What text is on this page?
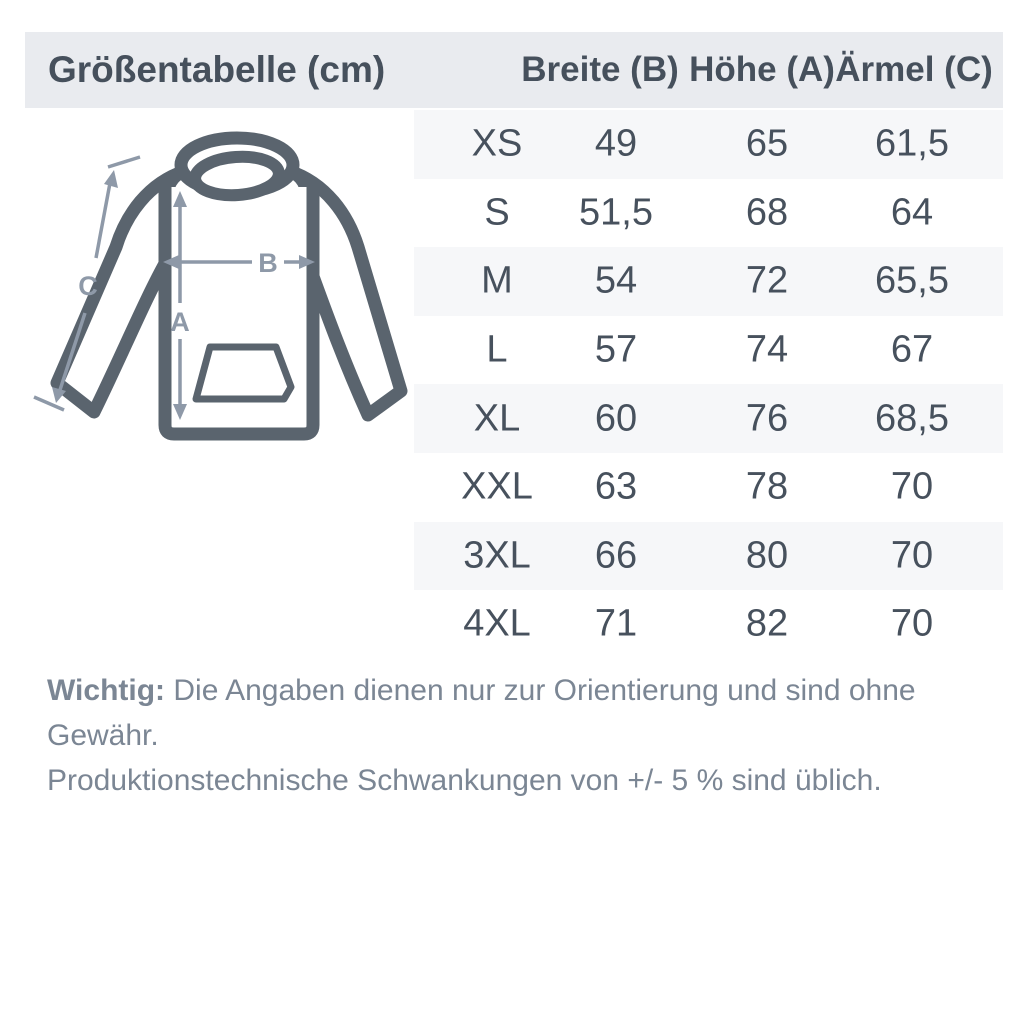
Größentabelle (cm)	Breite (B) Höhe (A) Ärmel (C)
XS 49	65 61,5
S 51,5 68	64
M 54	72 65,5
L 57	74	67
XL 60	76 68,5
XXL 63	78	70
3XL 66	80	70
4XL 71	82	70
A
B
C
Wichtig: Die Angaben dienen nur zur Orientierung und sind ohne Gewähr.
Produktionstechnische Schwankungen von +/- 5 % sind üblich.
